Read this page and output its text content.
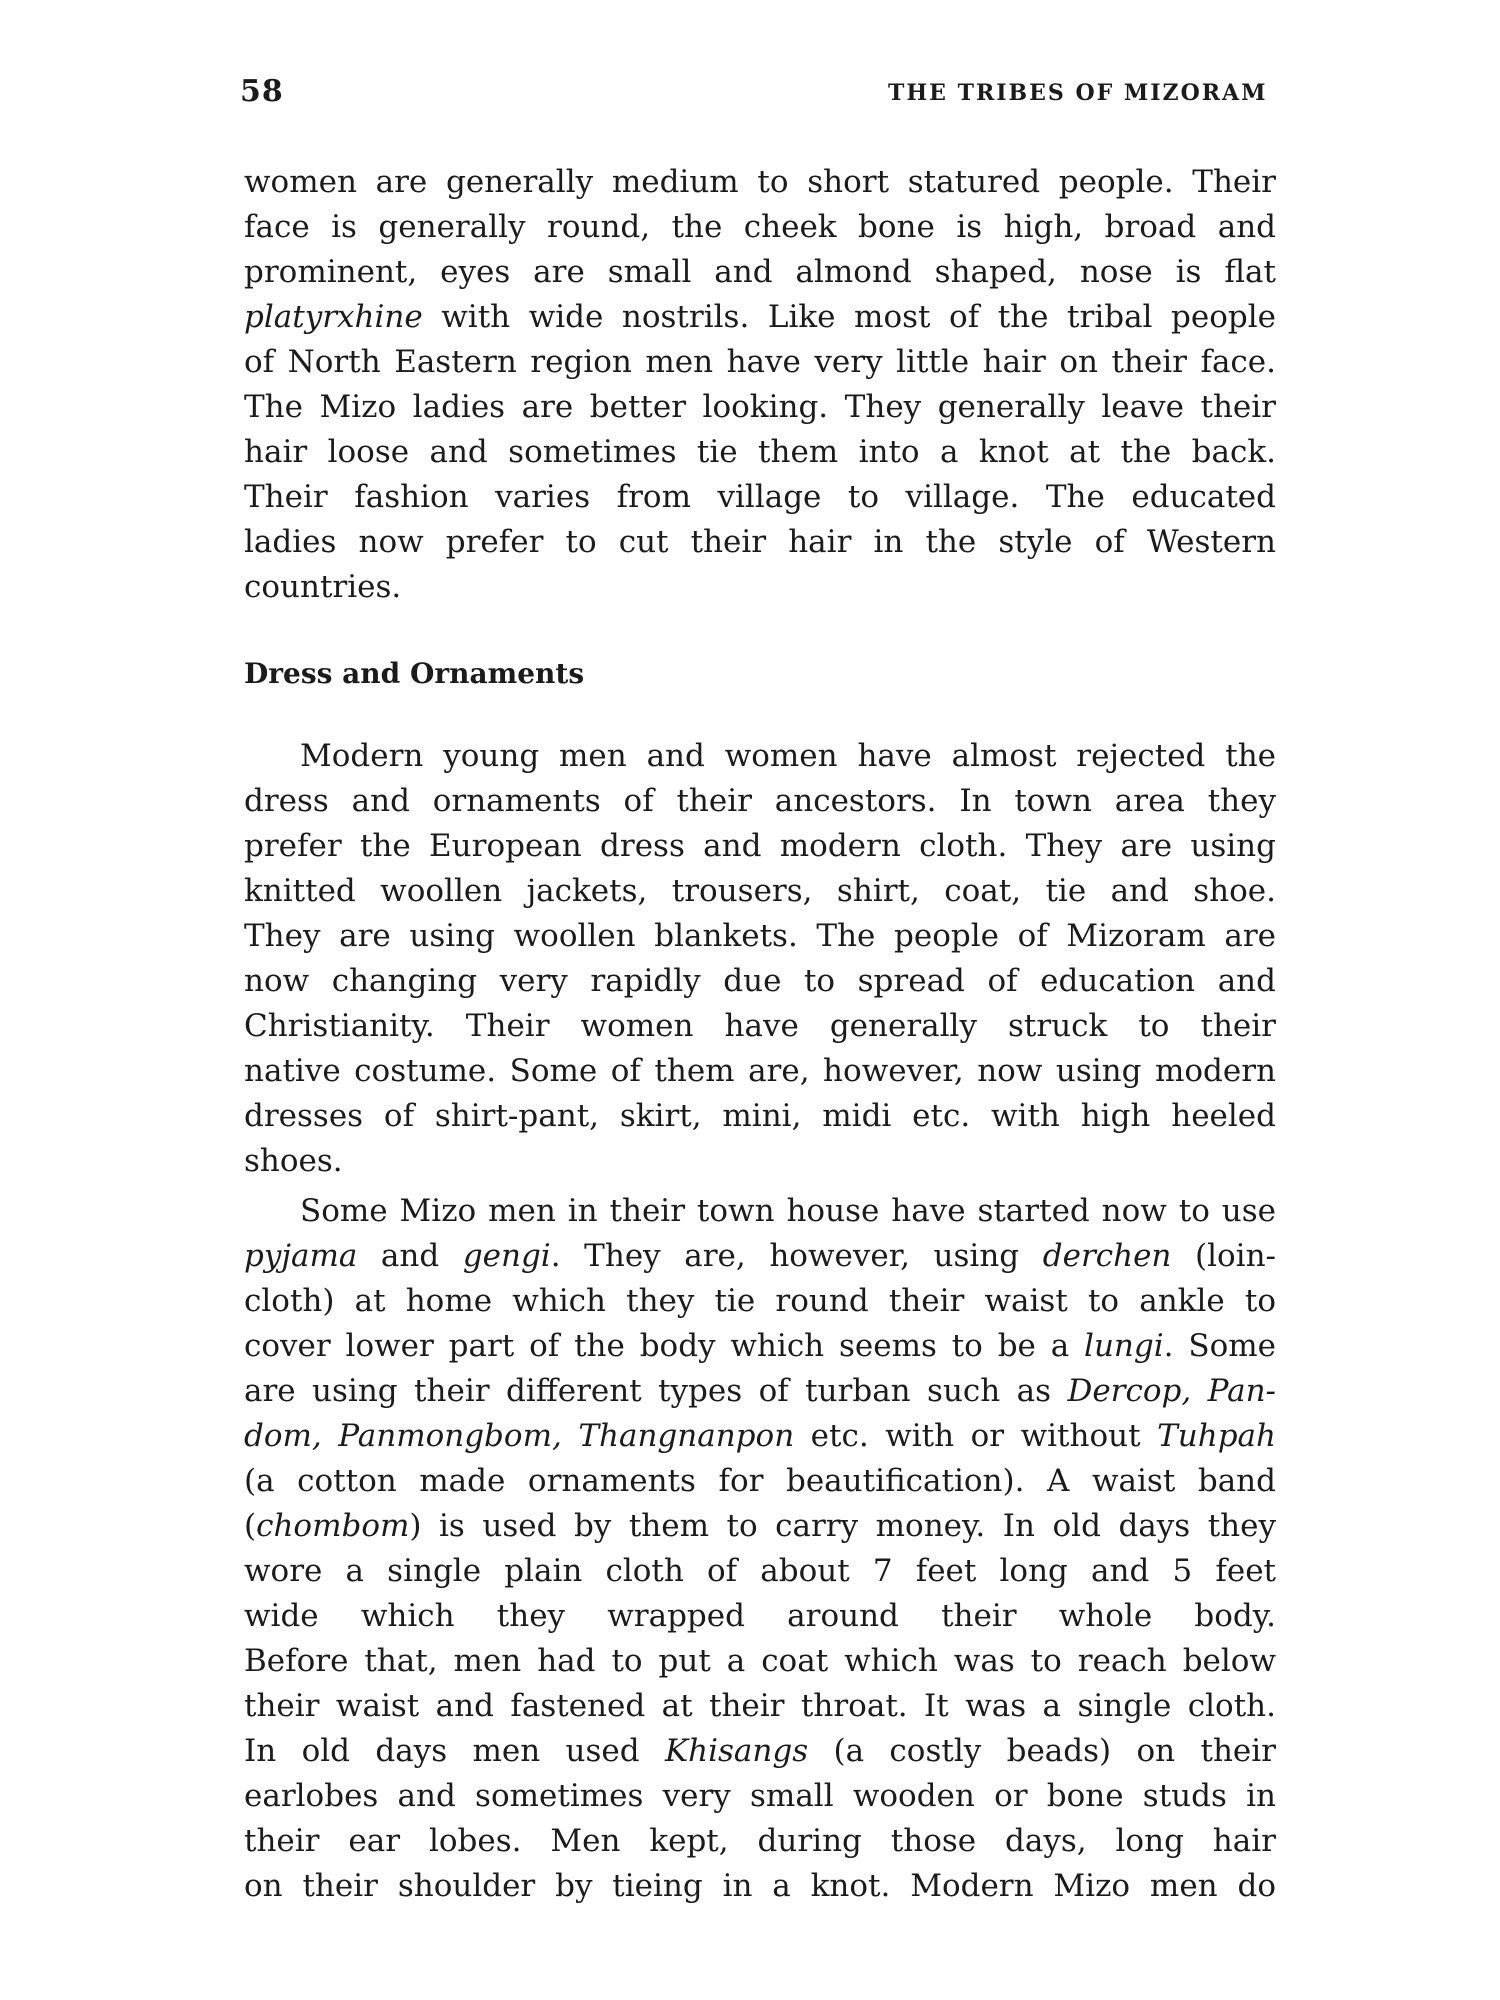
58	THE TRIBES OF MIZORAM
women are generally medium to short statured people. Their
face is generally round, the cheek bone is high, broad and
prominent, eyes are small and almond shaped, nose is flat
platyrxhine with wide nostrils. Like most of the tribal people
of North Eastern region men have very little hair on their face.
The Mizo ladies are better looking. They generally leave their
hair loose and sometimes tie them into a knot at the back.
Their fashion varies from village to village. The educated
ladies now prefer to cut their hair in the style of Western
countries.
Dress and Ornaments
Modern young men and women have almost rejected the
dress and ornaments of their ancestors. In town area they
prefer the European dress and modern cloth. They are using
knitted woollen jackets, trousers, shirt, coat, tie and shoe.
They are using woollen blankets. The people of Mizoram are
now changing very rapidly due to spread of education and
Christianity. Their women have generally struck to their
native costume. Some of them are, however, now using modern
dresses of shirt-pant, skirt, mini, midi etc. with high heeled
shoes.
Some Mizo men in their town house have started now to use
pyjama and gengi. They are, however, using derchen (loin-
cloth) at home which they tie round their waist to ankle to
cover lower part of the body which seems to be a lungi. Some
are using their different types of turban such as Dercop, Pan-
dom, Panmongbom, Thangnanpon etc. with or without Tuhpah
(a cotton made ornaments for beautification). A waist band
(chombom) is used by them to carry money. In old days they
wore a single plain cloth of about 7 feet long and 5 feet
wide which they wrapped around their whole body.
Before that, men had to put a coat which was to reach below
their waist and fastened at their throat. It was a single cloth.
In old days men used Khisangs (a costly beads) on their
earlobes and sometimes very small wooden or bone studs in
their ear lobes. Men kept, during those days, long hair
on their shoulder by tieing in a knot. Modern Mizo men do
